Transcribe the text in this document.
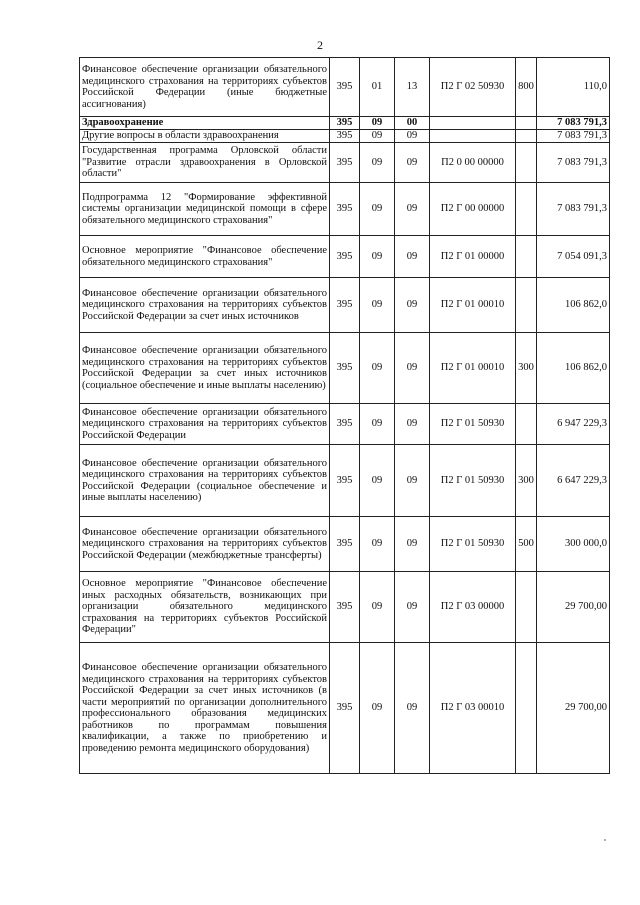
2
Финансовое обеспечение организации обязательного медицинского страхования на территориях субъектов Российской Федерации (иные бюджетные ассигнования)	395	01	13	П2 Г 02 50930	800	110,0
Здравоохранение	395	09	00			7 083 791,3
Другие вопросы в области здравоохранения	395	09	09			7 083 791,3
Государственная программа Орловской области "Развитие отрасли здравоохранения в Орловской области"	395	09	09	П2 0 00 00000		7 083 791,3
Подпрограмма 12 "Формирование эффективной системы организации медицинской помощи в сфере обязательного медицинского страхования"	395	09	09	П2 Г 00 00000		7 083 791,3
Основное мероприятие "Финансовое обеспечение обязательного медицинского страхования"	395	09	09	П2 Г 01 00000		7 054 091,3
Финансовое обеспечение организации обязательного медицинского страхования на территориях субъектов Российской Федерации за счет иных источников	395	09	09	П2 Г 01 00010		106 862,0
Финансовое обеспечение организации обязательного медицинского страхования на территориях субъектов Российской Федерации за счет иных источников (социальное обеспечение и иные выплаты населению)	395	09	09	П2 Г 01 00010	300	106 862,0
Финансовое обеспечение организации обязательного медицинского страхования на территориях субъектов Российской Федерации	395	09	09	П2 Г 01 50930		6 947 229,3
Финансовое обеспечение организации обязательного медицинского страхования на территориях субъектов Российской Федерации (социальное обеспечение и иные выплаты населению)	395	09	09	П2 Г 01 50930	300	6 647 229,3
Финансовое обеспечение организации обязательного медицинского страхования на территориях субъектов Российской Федерации (межбюджетные трансферты)	395	09	09	П2 Г 01 50930	500	300 000,0
Основное мероприятие "Финансовое обеспечение иных расходных обязательств, возникающих при организации обязательного медицинского страхования на территориях субъектов Российской Федерации"	395	09	09	П2 Г 03 00000		29 700,00
Финансовое обеспечение организации обязательного медицинского страхования на территориях субъектов Российской Федерации за счет иных источников (в части мероприятий по организации дополнительного профессионального образования медицинских работников по программам повышения квалификации, а также по приобретению и проведению ремонта медицинского оборудования)	395	09	09	П2 Г 03 00010		29 700,00
